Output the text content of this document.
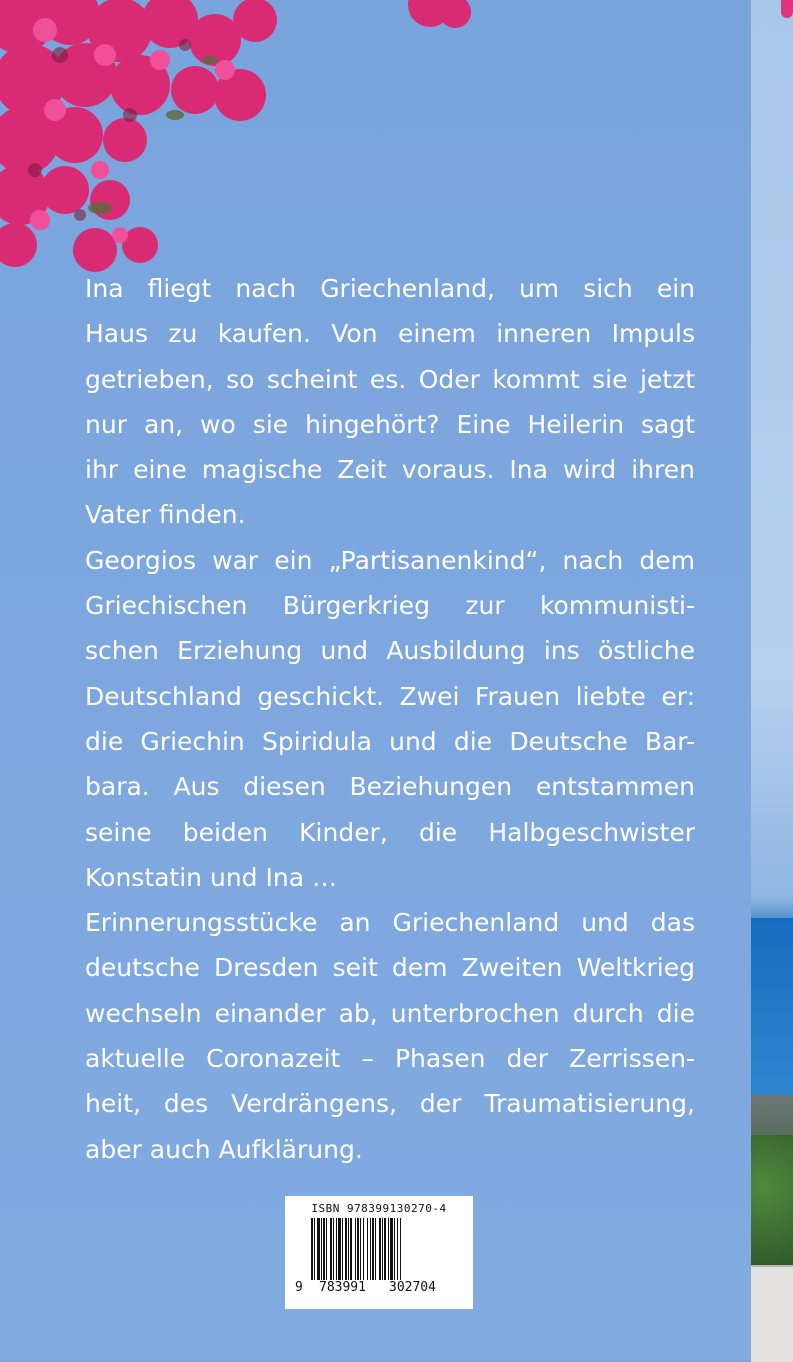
Ina fliegt nach Griechenland, um sich ein
Haus zu kaufen. Von einem inneren Impuls
getrieben, so scheint es. Oder kommt sie jetzt
nur an, wo sie hingehört? Eine Heilerin sagt
ihr eine magische Zeit voraus. Ina wird ihren
Vater finden.
Georgios war ein „Partisanenkind“, nach dem
Griechischen Bürgerkrieg zur kommunisti-
schen Erziehung und Ausbildung ins östliche
Deutschland geschickt. Zwei Frauen liebte er:
die Griechin Spiridula und die Deutsche Bar-
bara. Aus diesen Beziehungen entstammen
seine beiden Kinder, die Halbgeschwister
Konstatin und Ina …
Erinnerungsstücke an Griechenland und das
deutsche Dresden seit dem Zweiten Weltkrieg
wechseln einander ab, unterbrochen durch die
aktuelle Coronazeit – Phasen der Zerrissen-
heit, des Verdrängens, der Traumatisierung,
aber auch Aufklärung.
ISBN 978399130270-4
9 783991 302704
